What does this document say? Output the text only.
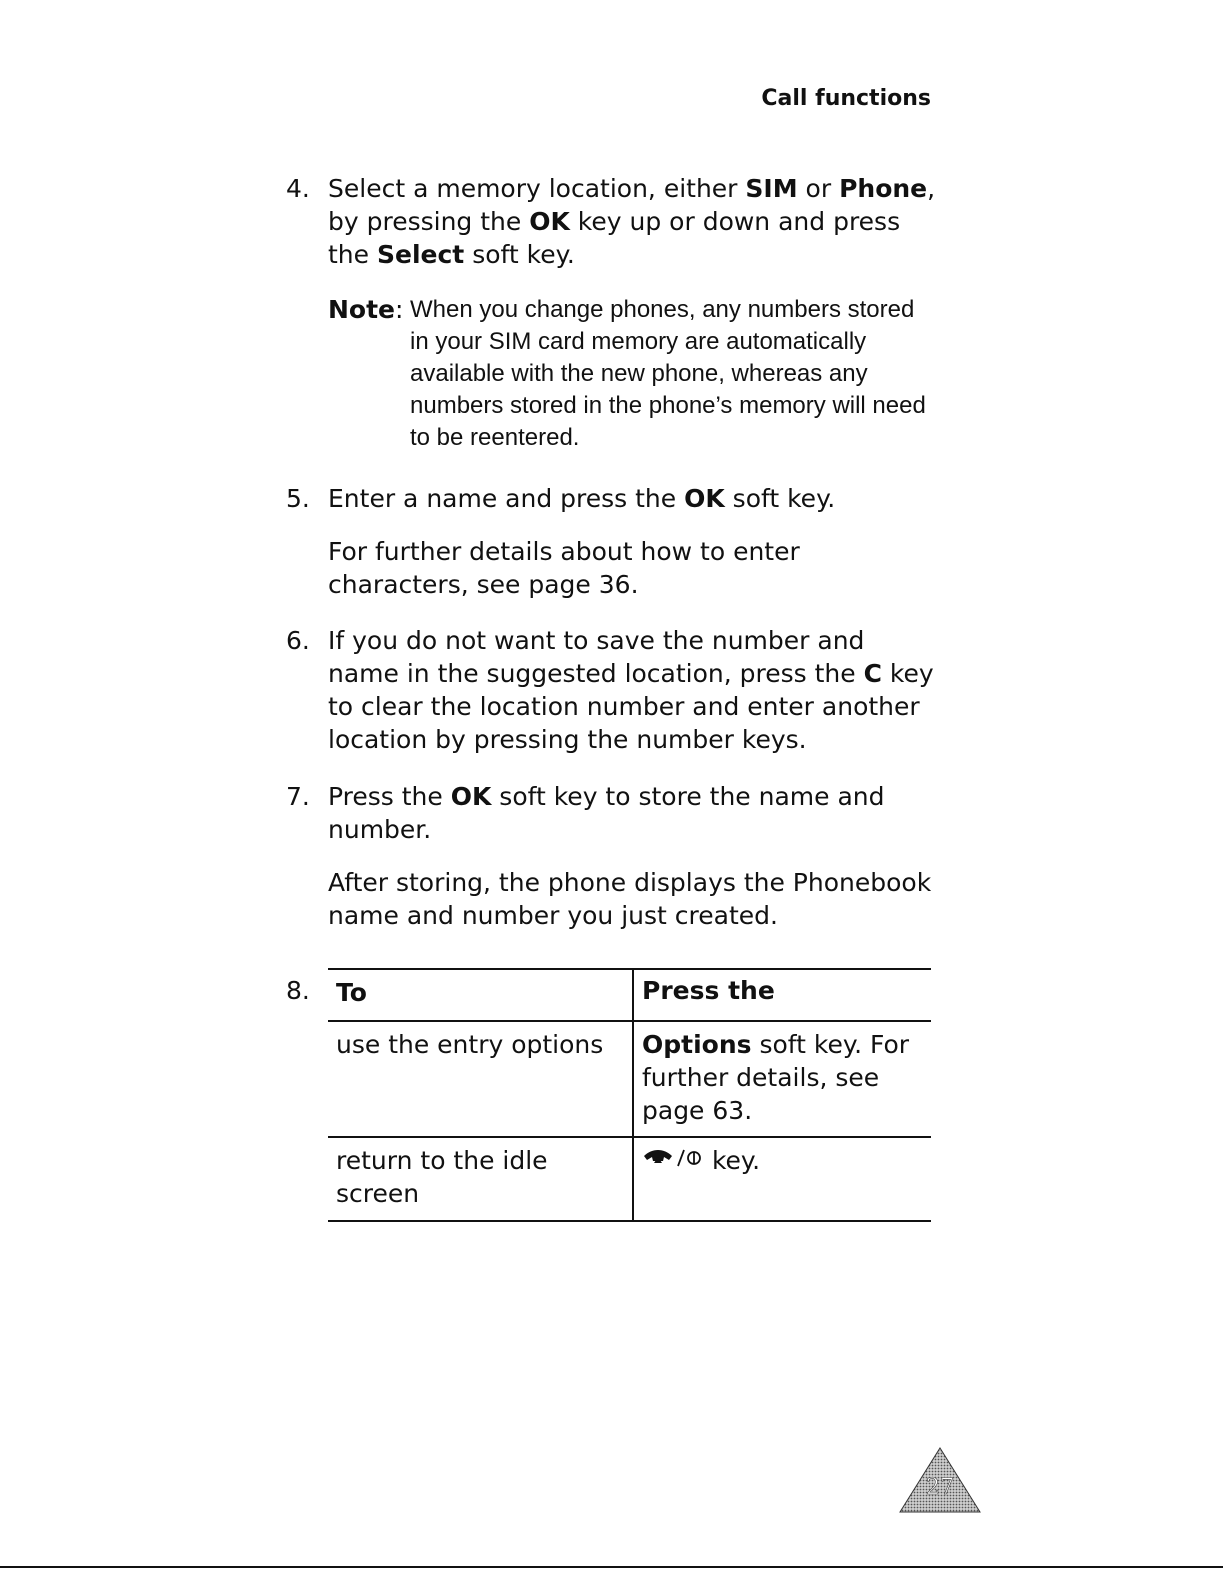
Call functions
4. Select a memory location, either SIM or Phone, by pressing the OK key up or down and press the Select soft key.

Note: When you change phones, any numbers stored in your SIM card memory are automatically available with the new phone, whereas any numbers stored in the phone’s memory will need to be reentered.
5. Enter a name and press the OK soft key.

For further details about how to enter characters, see page 36.

6. If you do not want to save the number and name in the suggested location, press the C key to clear the location number and enter another location by pressing the number keys.

7. Press the OK soft key to store the name and number.

After storing, the phone displays the Phonebook name and number you just created.

8. To	Press the
use the entry options	Options soft key. For further details, see page 63.
return to the idle screen
key.
27
